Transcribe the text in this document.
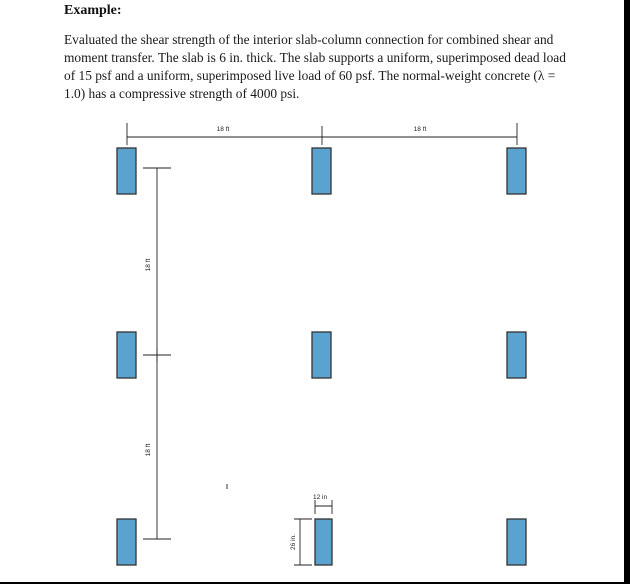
Example:

Evaluated the shear strength of the interior slab-column connection for combined shear and
moment transfer. The slab is 6 in. thick. The slab supports a uniform, superimposed dead load
of 15 psf and a uniform, superimposed live load of 60 psf. The normal-weight concrete (λ =
1.0) has a compressive strength of 4000 psi.

18 ft	18 ft
18 ft
18 ft
12 in
26 in.
